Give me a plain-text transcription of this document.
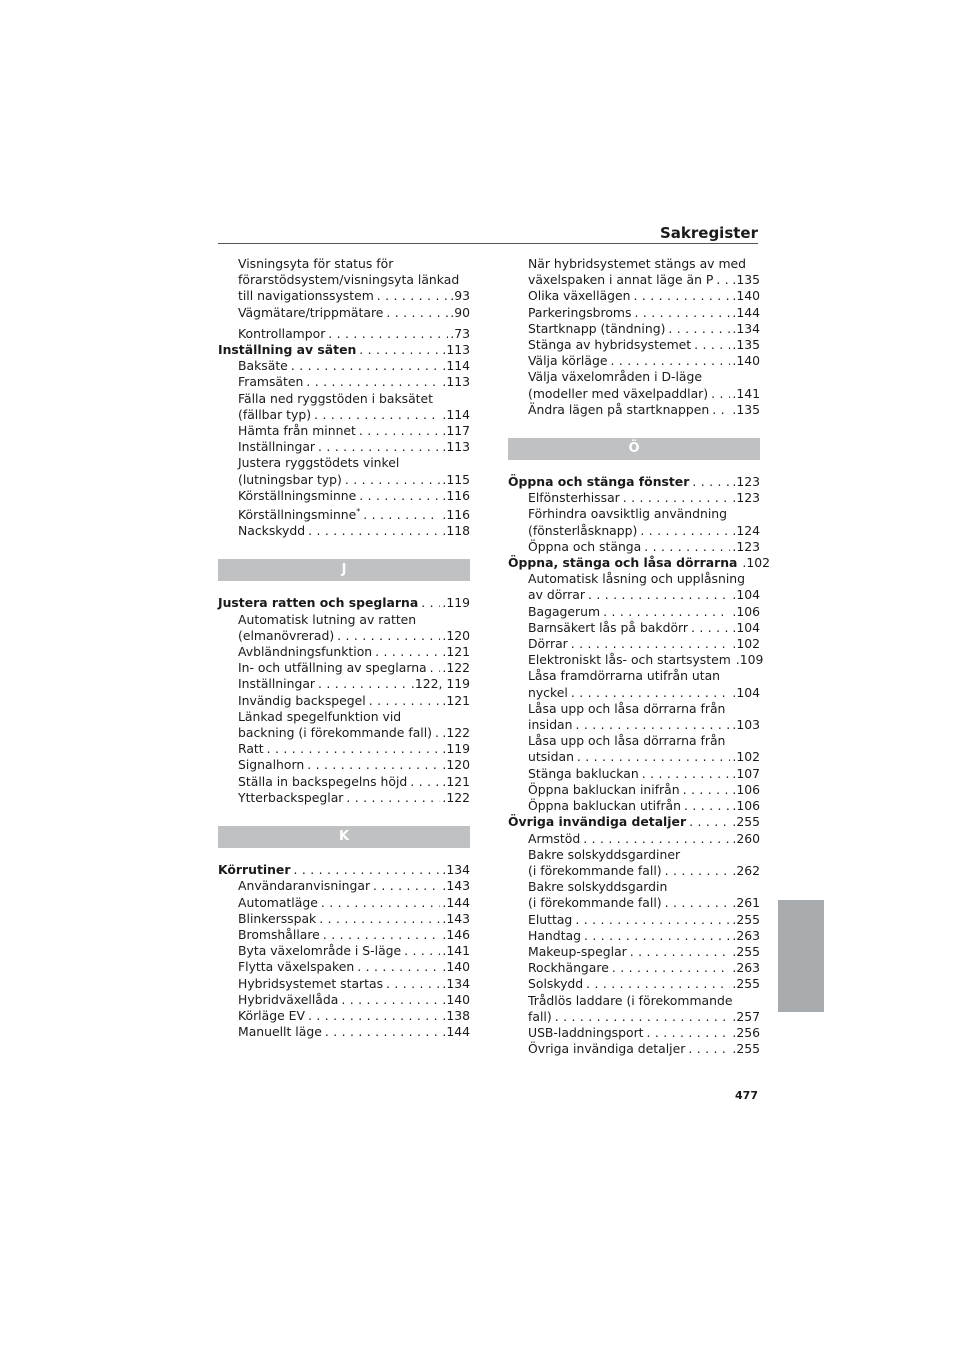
Sakregister
Visningsyta för status för
förarstödsystem/visningsyta länkad
till navigationssystem . . .	.93
Vägmätare/trippmätare . . .	.90
Kontrollampor . . .	.73
Inställning av säten . . .	.113
Baksäte . . .	.114
Framsäten . . .	.113
Fälla ned ryggstöden i baksätet
(fällbar typ) . . .	.114
Hämta från minnet . . .	.117
Inställningar . . .	.113
Justera ryggstödets vinkel
(lutningsbar typ) . . .	.115
Körställningsminne . . .	.116
Körställningsminne* . . .	.116
Nackskydd . . .	.118
J
Justera ratten och speglarna . . . .119
Automatisk lutning av ratten
(elmanövrerad) . . .	.120
Avbländningsfunktion . . .	.121
In- och utfällning av speglarna . . . .122
Inställningar . . .	.122, 119
Invändig backspegel . . .	.121
Länkad spegelfunktion vid
backning (i förekommande fall) . . . .122
Ratt . . .	.119
Signalhorn . . .	.120
Ställa in backspegelns höjd . . .	.121
Ytterbackspeglar . . .	.122
K
Körrutiner . . .	.134
Användaranvisningar . . .	.143
Automatläge . . .	.144
Blinkersspak . . .	.143
Bromshållare . . .	.146
Byta växelområde i S-läge . . .	.141
Flytta växelspaken . . .	.140
Hybridsystemet startas . . .	.134
Hybridväxellåda . . .	.140
Körläge EV . . .	.138
Manuellt läge . . .	.144
När hybridsystemet stängs av med
växelspaken i annat läge än P . . . .135
Olika växellägen . . .	.140
Parkeringsbroms . . .	.144
Startknapp (tändning) . . .	.134
Stänga av hybridsystemet . . .	.135
Välja körläge . . .	.140
Välja växelområden i D-läge
(modeller med växelpaddlar) . . . .141
Ändra lägen på startknappen . . . .135
Ö
Öppna och stänga fönster . . .	.123
Elfönsterhissar . . .	.123
Förhindra oavsiktlig användning
(fönsterlåsknapp) . . .	.124
Öppna och stänga . . .	.123
Öppna, stänga och låsa dörrarna .102
Automatisk låsning och upplåsning
av dörrar . . .	.104
Bagagerum . . .	.106
Barnsäkert lås på bakdörr . . .	.104
Dörrar . . .	.102
Elektroniskt lås- och startsystem .109
Låsa framdörrarna utifrån utan
nyckel . . .	.104
Låsa upp och låsa dörrarna från
insidan . . .	.103
Låsa upp och låsa dörrarna från
utsidan . . .	.102
Stänga bakluckan . . .	.107
Öppna bakluckan inifrån . . .	.106
Öppna bakluckan utifrån . . .	.106
Övriga invändiga detaljer . . .	.255
Armstöd . . .	.260
Bakre solskyddsgardiner
(i förekommande fall) . . .	.262
Bakre solskyddsgardin
(i förekommande fall) . . .	.261
Eluttag . . .	.255
Handtag . . .	.263
Makeup-speglar . . .	.255
Rockhängare . . .	.263
Solskydd . . .	.255
Trådlös laddare (i förekommande
fall) . . .	.257
USB-laddningsport . . .	.256
Övriga invändiga detaljer . . .	.255
477
